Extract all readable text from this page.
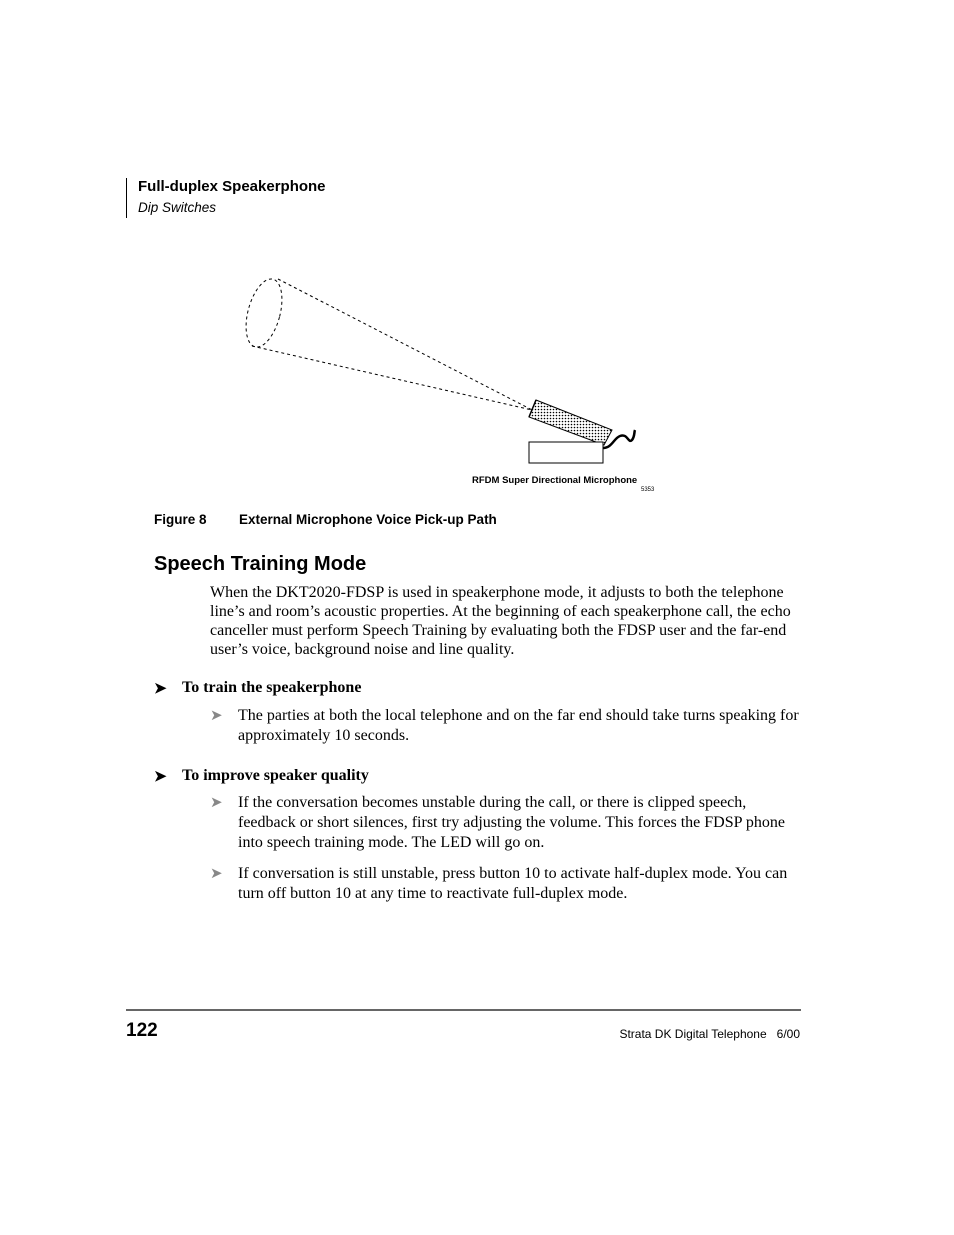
Full-duplex Speakerphone
Dip Switches
RFDM Super Directional Microphone
5353
Figure 8 External Microphone Voice Pick-up Path
Speech Training Mode
When the DKT2020-FDSP is used in speakerphone mode, it adjusts to both the telephone line’s and room’s acoustic properties. At the beginning of each speakerphone call, the echo canceller must perform Speech Training by evaluating both the FDSP user and the far-end user’s voice, background noise and line quality.
➤ To train the speakerphone
➤ The parties at both the local telephone and on the far end should take turns speaking for approximately 10 seconds.
➤ To improve speaker quality
➤ If the conversation becomes unstable during the call, or there is clipped speech, feedback or short silences, first try adjusting the volume. This forces the FDSP phone into speech training mode. The LED will go on.
➤ If conversation is still unstable, press button 10 to activate half-duplex mode. You can turn off button 10 at any time to reactivate full-duplex mode.
122	Strata DK Digital Telephone   6/00
